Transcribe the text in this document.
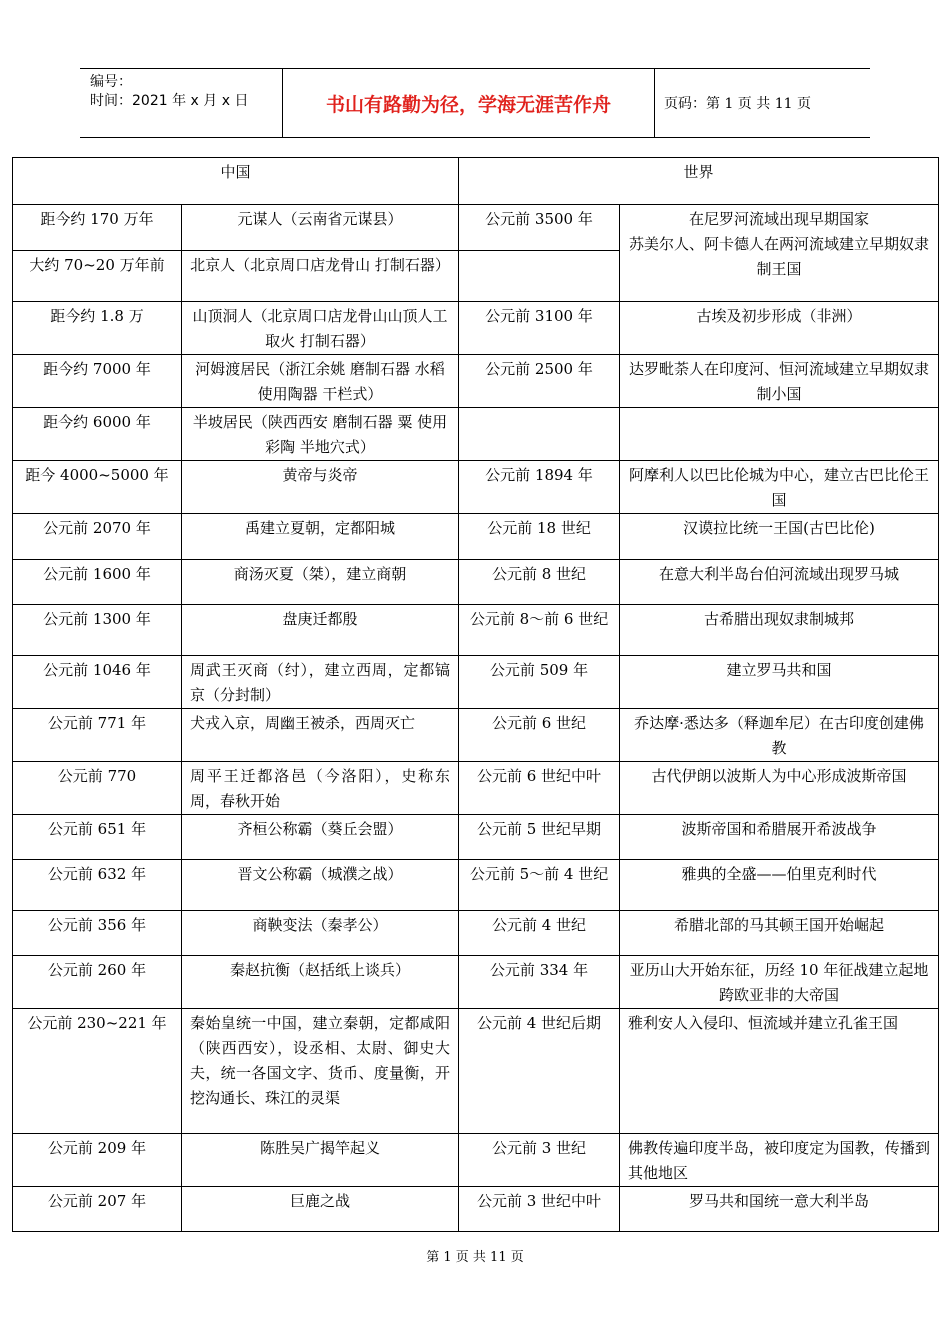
编号：
时间：2021 年 x 月 x 日	书山有路勤为径，学海无涯苦作舟	页码：第 1 页 共 11 页
中国		世界	
距今约 170 万年	元谋人（云南省元谋县）	公元前 3500 年	在尼罗河流域出现早期国家
苏美尔人、阿卡德人在两河流域建立早期奴隶制王国

大约 70~20 万年前	北京人（北京周口店龙骨山 打制石器）		
距今约 1.8 万	山顶洞人（北京周口店龙骨山山顶人工取火 打制石器）	公元前 3100 年	古埃及初步形成（非洲）
距今约 7000 年	河姆渡居民（浙江余姚 磨制石器 水稻 使用陶器 干栏式）	公元前 2500 年	达罗毗荼人在印度河、恒河流域建立早期奴隶制小国
距今约 6000 年	半坡居民（陕西西安 磨制石器 粟 使用彩陶 半地穴式）		
距今 4000~5000 年	黄帝与炎帝	公元前 1894 年	阿摩利人以巴比伦城为中心，建立古巴比伦王国
公元前 2070 年	禹建立夏朝，定都阳城	公元前 18 世纪	汉谟拉比统一王国(古巴比伦)
公元前 1600 年	商汤灭夏（桀），建立商朝	公元前 8 世纪	在意大利半岛台伯河流域出现罗马城
公元前 1300 年	盘庚迁都殷	公元前 8～前 6 世纪	古希腊出现奴隶制城邦
公元前 1046 年	周武王灭商（纣），建立西周，定都镐京（分封制）	公元前 509 年	建立罗马共和国
公元前 771 年	犬戎入京，周幽王被杀，西周灭亡	公元前 6 世纪	乔达摩·悉达多（释迦牟尼）在古印度创建佛教
公元前 770	周平王迁都洛邑（今洛阳），史称东周，春秋开始	公元前 6 世纪中叶	古代伊朗以波斯人为中心形成波斯帝国
公元前 651 年	齐桓公称霸（葵丘会盟）	公元前 5 世纪早期	波斯帝国和希腊展开希波战争
公元前 632 年	晋文公称霸（城濮之战）	公元前 5～前 4 世纪	雅典的全盛——伯里克利时代
公元前 356 年	商鞅变法（秦孝公）	公元前 4 世纪	希腊北部的马其顿王国开始崛起
公元前 260 年	秦赵抗衡（赵括纸上谈兵）	公元前 334 年	亚历山大开始东征，历经 10 年征战建立起地跨欧亚非的大帝国
公元前 230~221 年	秦始皇统一中国，建立秦朝，定都咸阳（陕西西安），设丞相、太尉、御史大夫，统一各国文字、货币、度量衡，开挖沟通长、珠江的灵渠	公元前 4 世纪后期	雅利安人入侵印、恒流域并建立孔雀王国
公元前 209 年	陈胜吴广揭竿起义	公元前 3 世纪	佛教传遍印度半岛，被印度定为国教，传播到其他地区
公元前 207 年	巨鹿之战	公元前 3 世纪中叶	罗马共和国统一意大利半岛
第 1 页 共 11 页
